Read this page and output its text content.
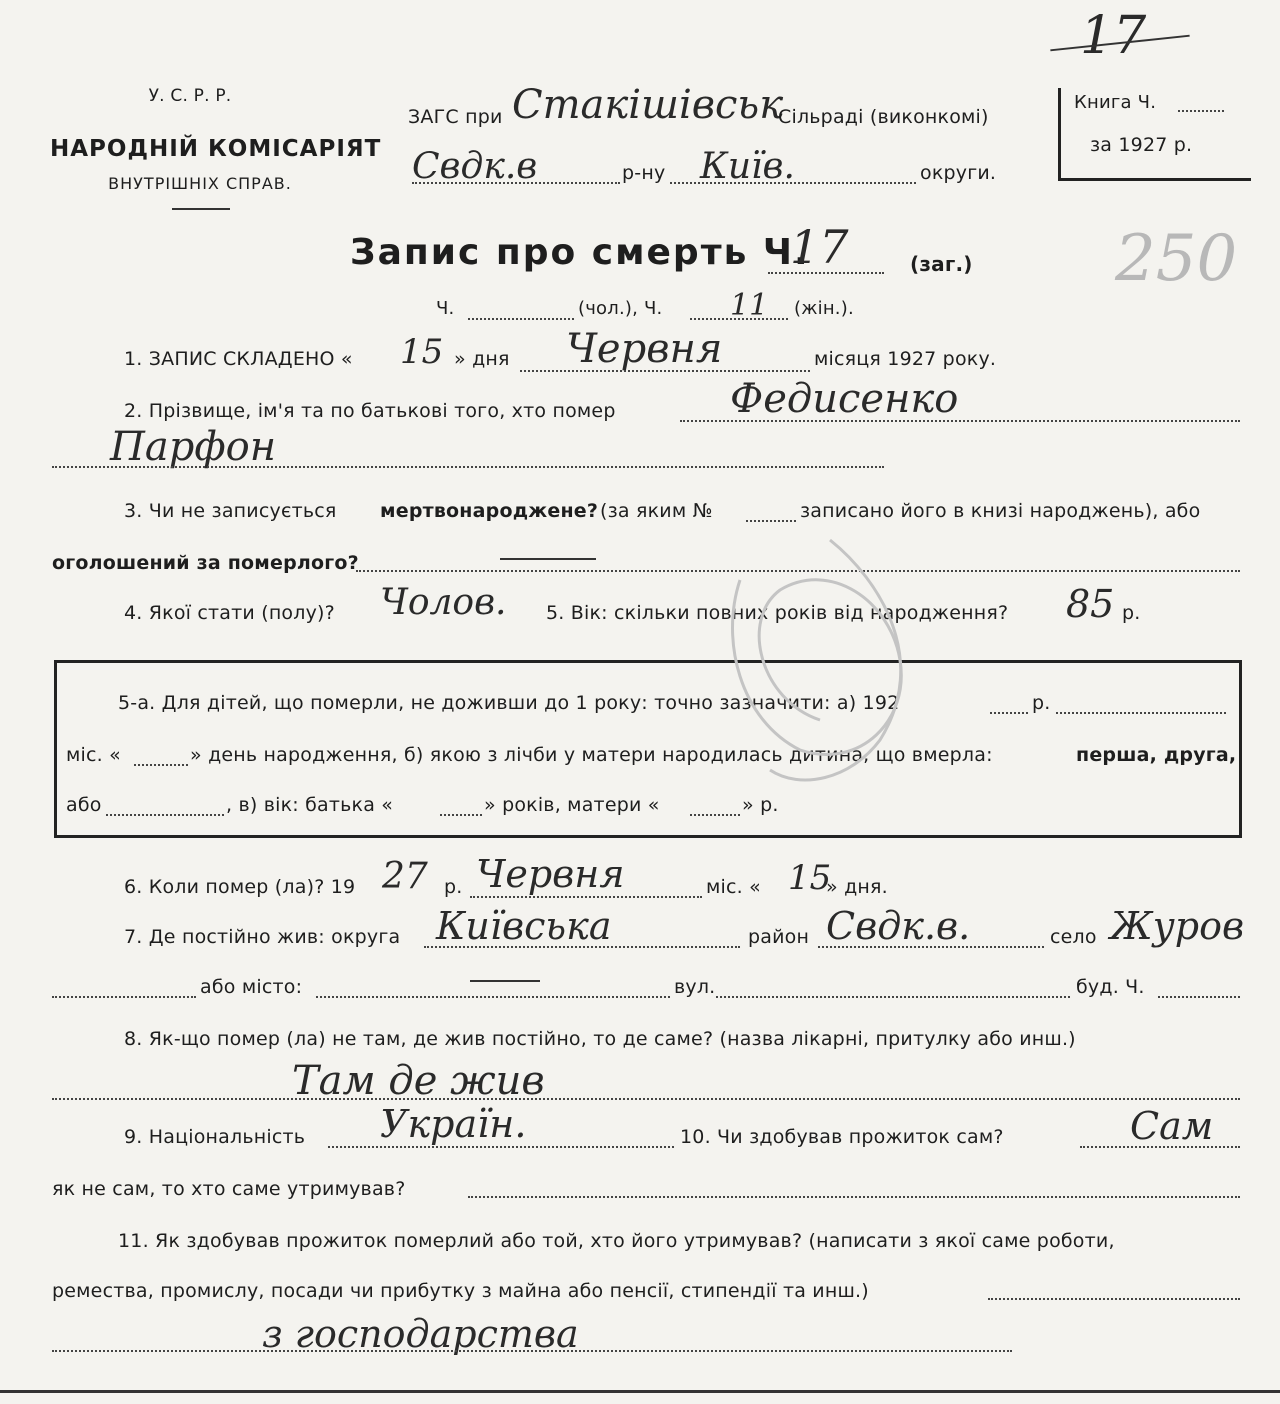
17
250
У. С. Р. Р.
НАРОДНІЙ КОМІСАРІЯТ
ВНУТРІШНІХ СПРАВ.
ЗАГС при Стакішівськ
Сільраді (виконкомі)
Свдк.в	р-ну Київ.	округи.
Книга Ч.
за 1927 р.
Запис про смерть Ч.
17	(заг.)
Ч.	(чол.), Ч. 11 (жін.).
1. ЗАПИС СКЛАДЕНО « 15 » дня Червня	місяця 1927 року.
2. Прізвище, ім'я та по батькові того, хто помер	Федисенко
Парфон
3. Чи не записується мертвонароджене? (за яким №	записано його в книзі народжень), або
оголошений за померлого?
4. Якої стати (полу)? Чолов. 5. Вік: скільки повних років від народження? 85 р.
5-а. Для дітей, що померли, не доживши до 1 року: точно зазначити: а) 192	р.
міс. «	» день народження, б) якою з лічби у матери народилась дитина, що вмерла:	перша, друга,
або	, в) вік: батька «	» років, матери «	» р.
6. Коли помер (ла)? 19 27 р. Червня	міс. « 15
» дня.
7. Де постійно жив: округа Київська	район Свдк.в.	село Журов
або місто:	вул.	буд. Ч.
8. Як-що помер (ла) не там, де жив постійно, то де саме? (назва лікарні, притулку або инш.)
Там де жив
9. Національність Україн.	10. Чи здобував прожиток сам?	Сам
як не сам, то хто саме утримував?
11. Як здобував прожиток померлий або той, хто його утримував? (написати з якої саме роботи,
ремества, промислу, посади чи прибутку з майна або пенсії, стипендії та инш.)
з господарства
